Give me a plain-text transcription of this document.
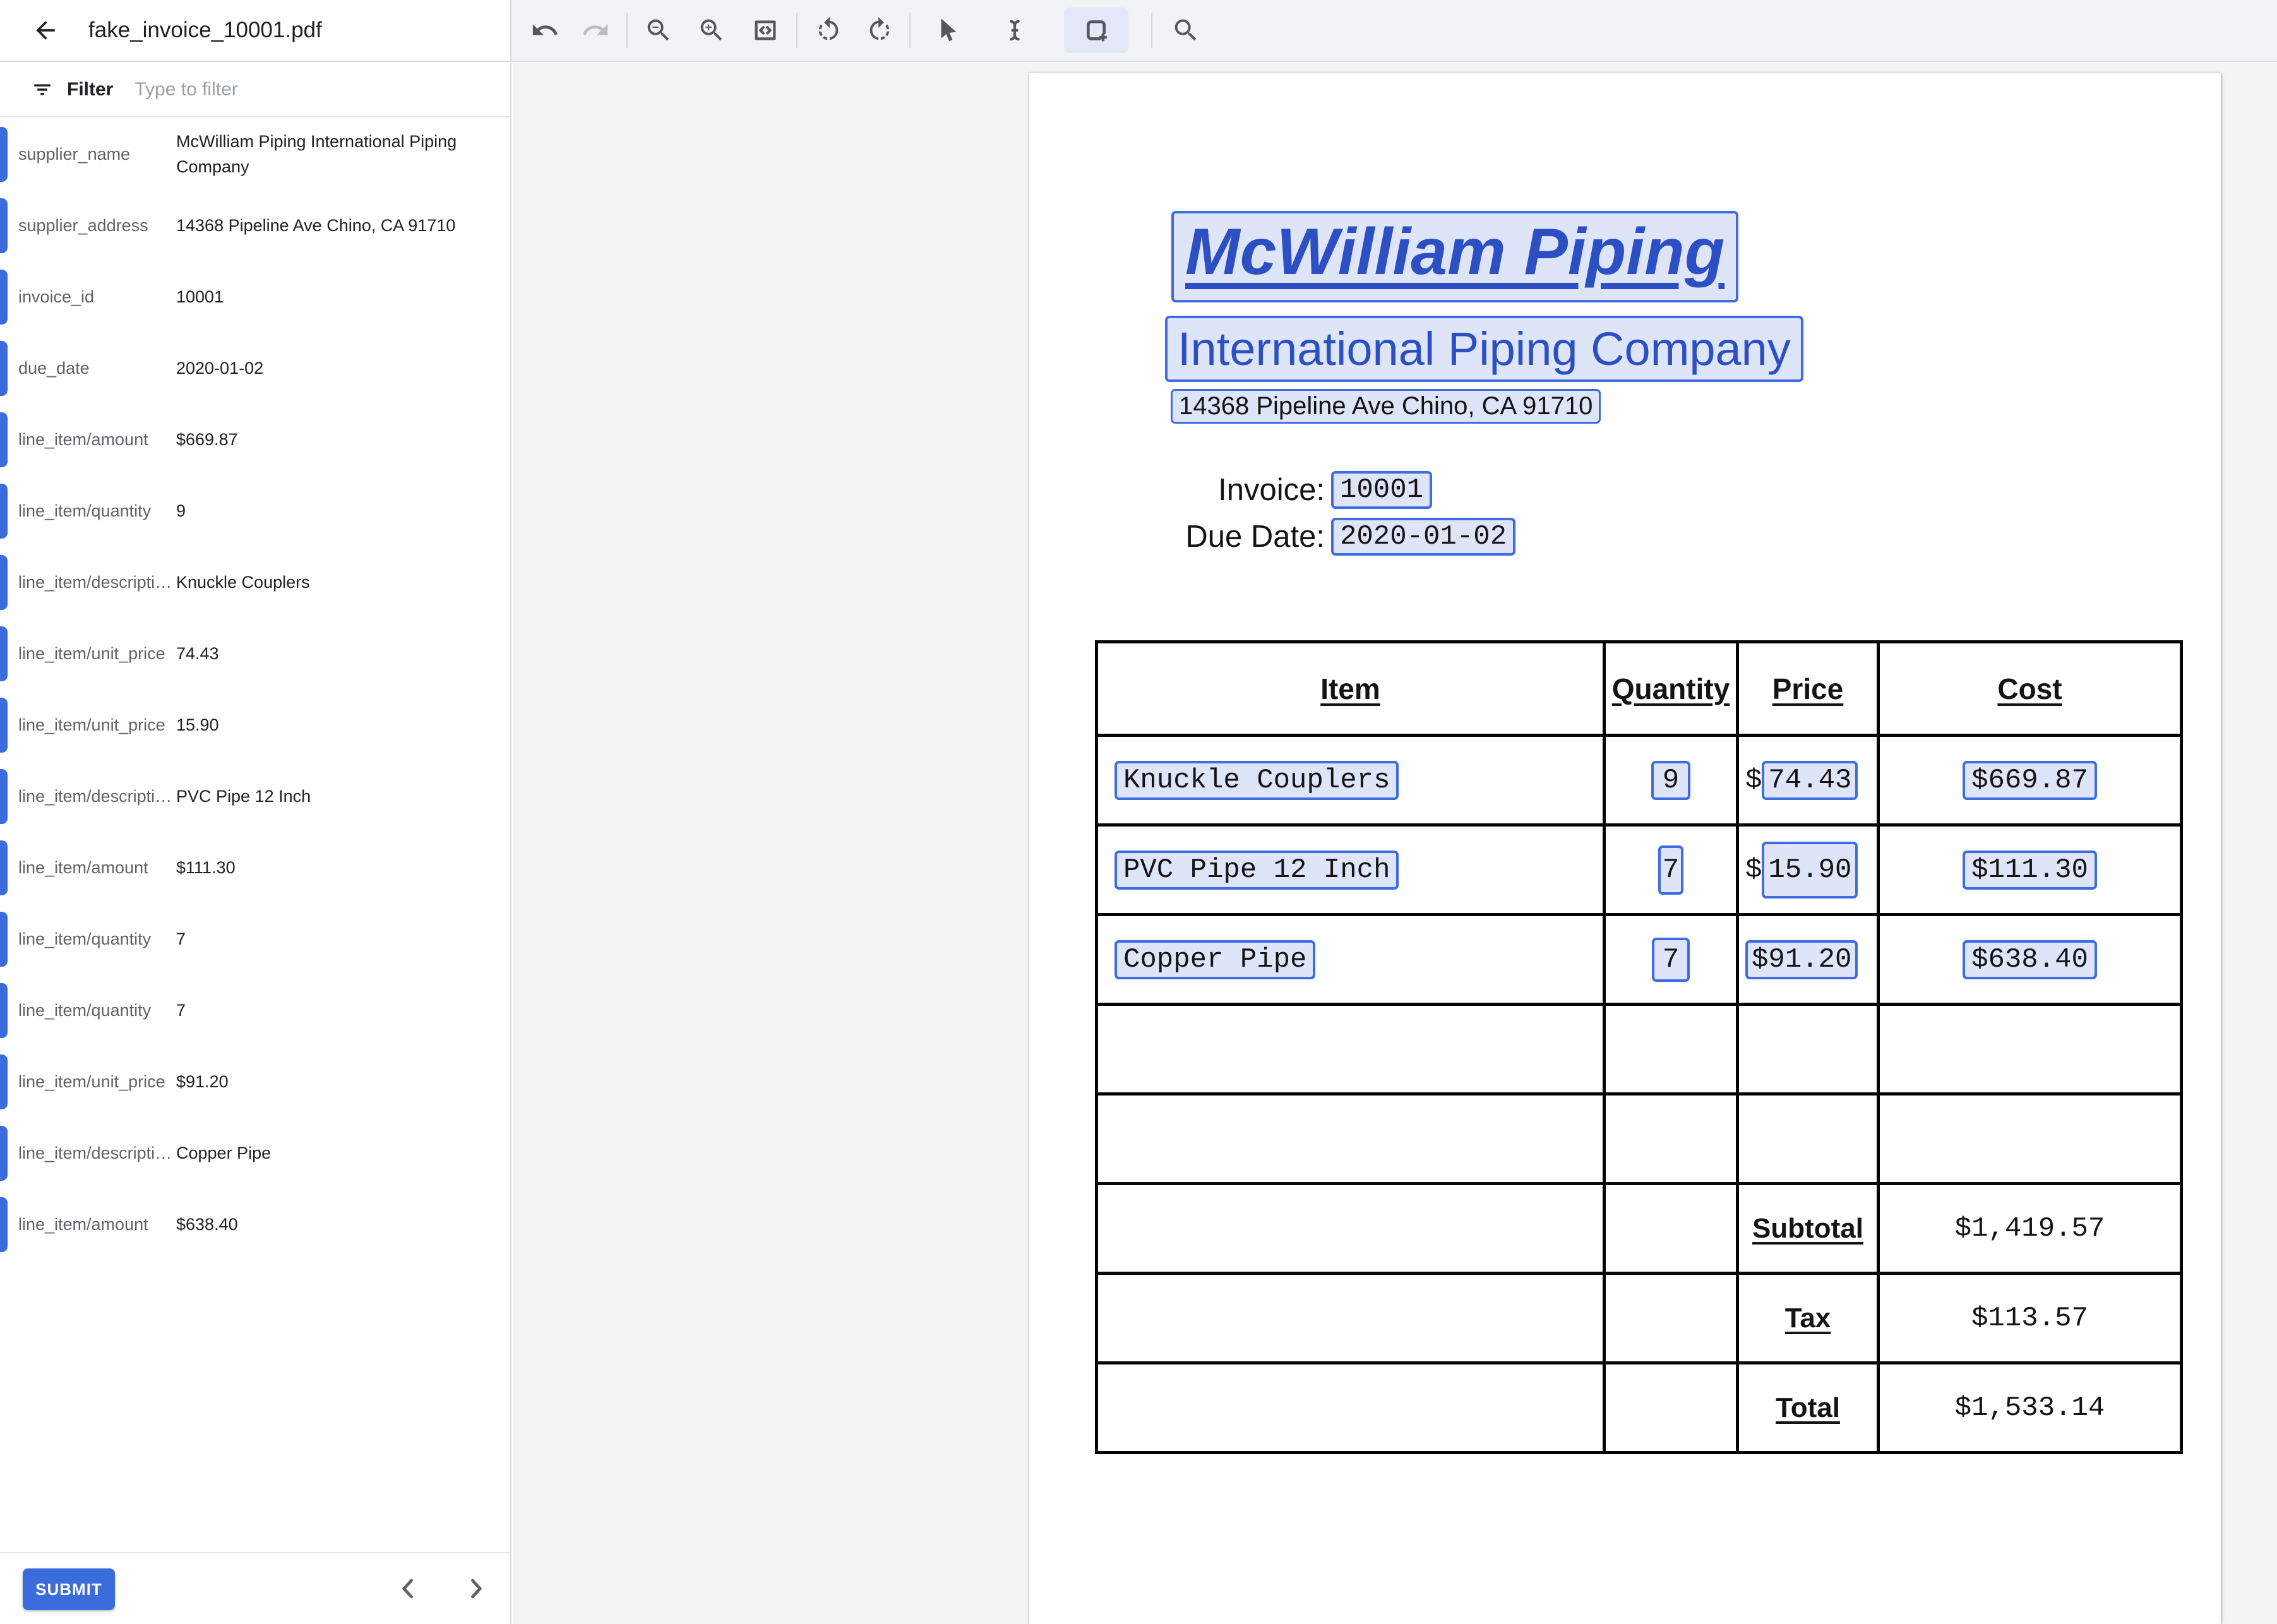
fake_invoice_10001.pdf
Filter
Type to filter
supplier_name
McWilliam Piping International Piping Company
supplier_address	14368 Pipeline Ave Chino, CA 91710
invoice_id	10001
due_date	2020-01-02
line_item/amount	$669.87
line_item/quantity	9
line_item/descripti… Knuckle Couplers
line_item/unit_price 74.43
line_item/unit_price 15.90
line_item/descripti… PVC Pipe 12 Inch
line_item/amount	$111.30
line_item/quantity	7
line_item/quantity	7
line_item/unit_price $91.20
line_item/descripti… Copper Pipe
line_item/amount	$638.40
SUBMIT
McWilliam Piping
International Piping Company
14368 Pipeline Ave Chino, CA 91710
Invoice: 10001
Due Date: 2020-01-02
Item	Quantity	Price	Cost
Knuckle Couplers	9	$ 74.43	$669.87
PVC Pipe 12 Inch	7	$ 15.90	$111.30
Copper Pipe	7	$91.20	$638.40

		Subtotal	$1,419.57
		Tax	$113.57
		Total	$1,533.14
